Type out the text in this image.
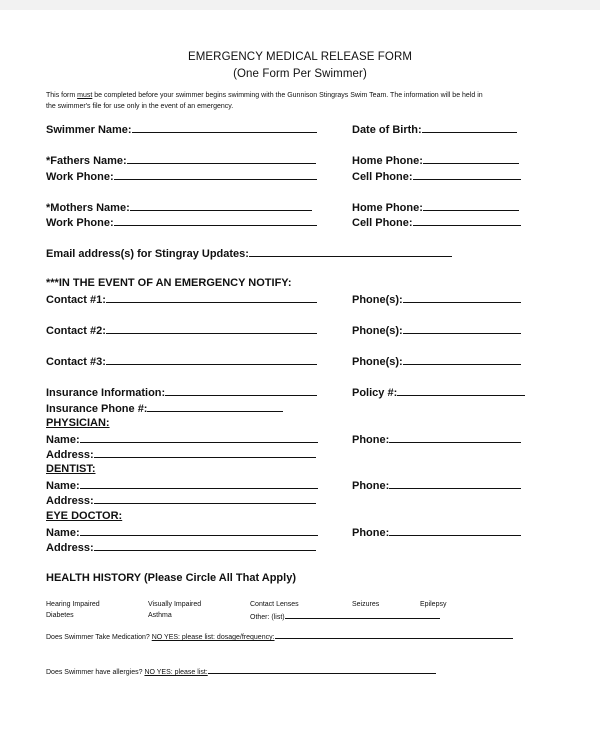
EMERGENCY MEDICAL RELEASE FORM
(One Form Per Swimmer)
This form must be completed before your swimmer begins swimming with the Gunnison Stingrays Swim Team. The information will be held in
the swimmer's file for use only in the event of an emergency.
Swimmer Name:	Date of Birth:
*Fathers Name:	Home Phone:
Work Phone:	Cell Phone:
*Mothers Name:	Home Phone:
Work Phone:	Cell Phone:
Email address(s) for Stingray Updates:
***IN THE EVENT OF AN EMERGENCY NOTIFY:
Contact #1:	Phone(s):
Contact #2:	Phone(s):
Contact #3:	Phone(s):
Insurance Information:	Policy #:
Insurance Phone #:
PHYSICIAN:
Name:	Phone:
Address:
DENTIST:
Name:	Phone:
Address:
EYE DOCTOR:
Name:	Phone:
Address:
HEALTH HISTORY (Please Circle All That Apply)
Hearing Impaired	Visually Impaired	Contact Lenses	Seizures	Epilepsy
Diabetes	Asthma	Other: (list)
Does Swimmer Take Medication? NO YES: please list: dosage/frequency:
Does Swimmer have allergies? NO YES: please list:
